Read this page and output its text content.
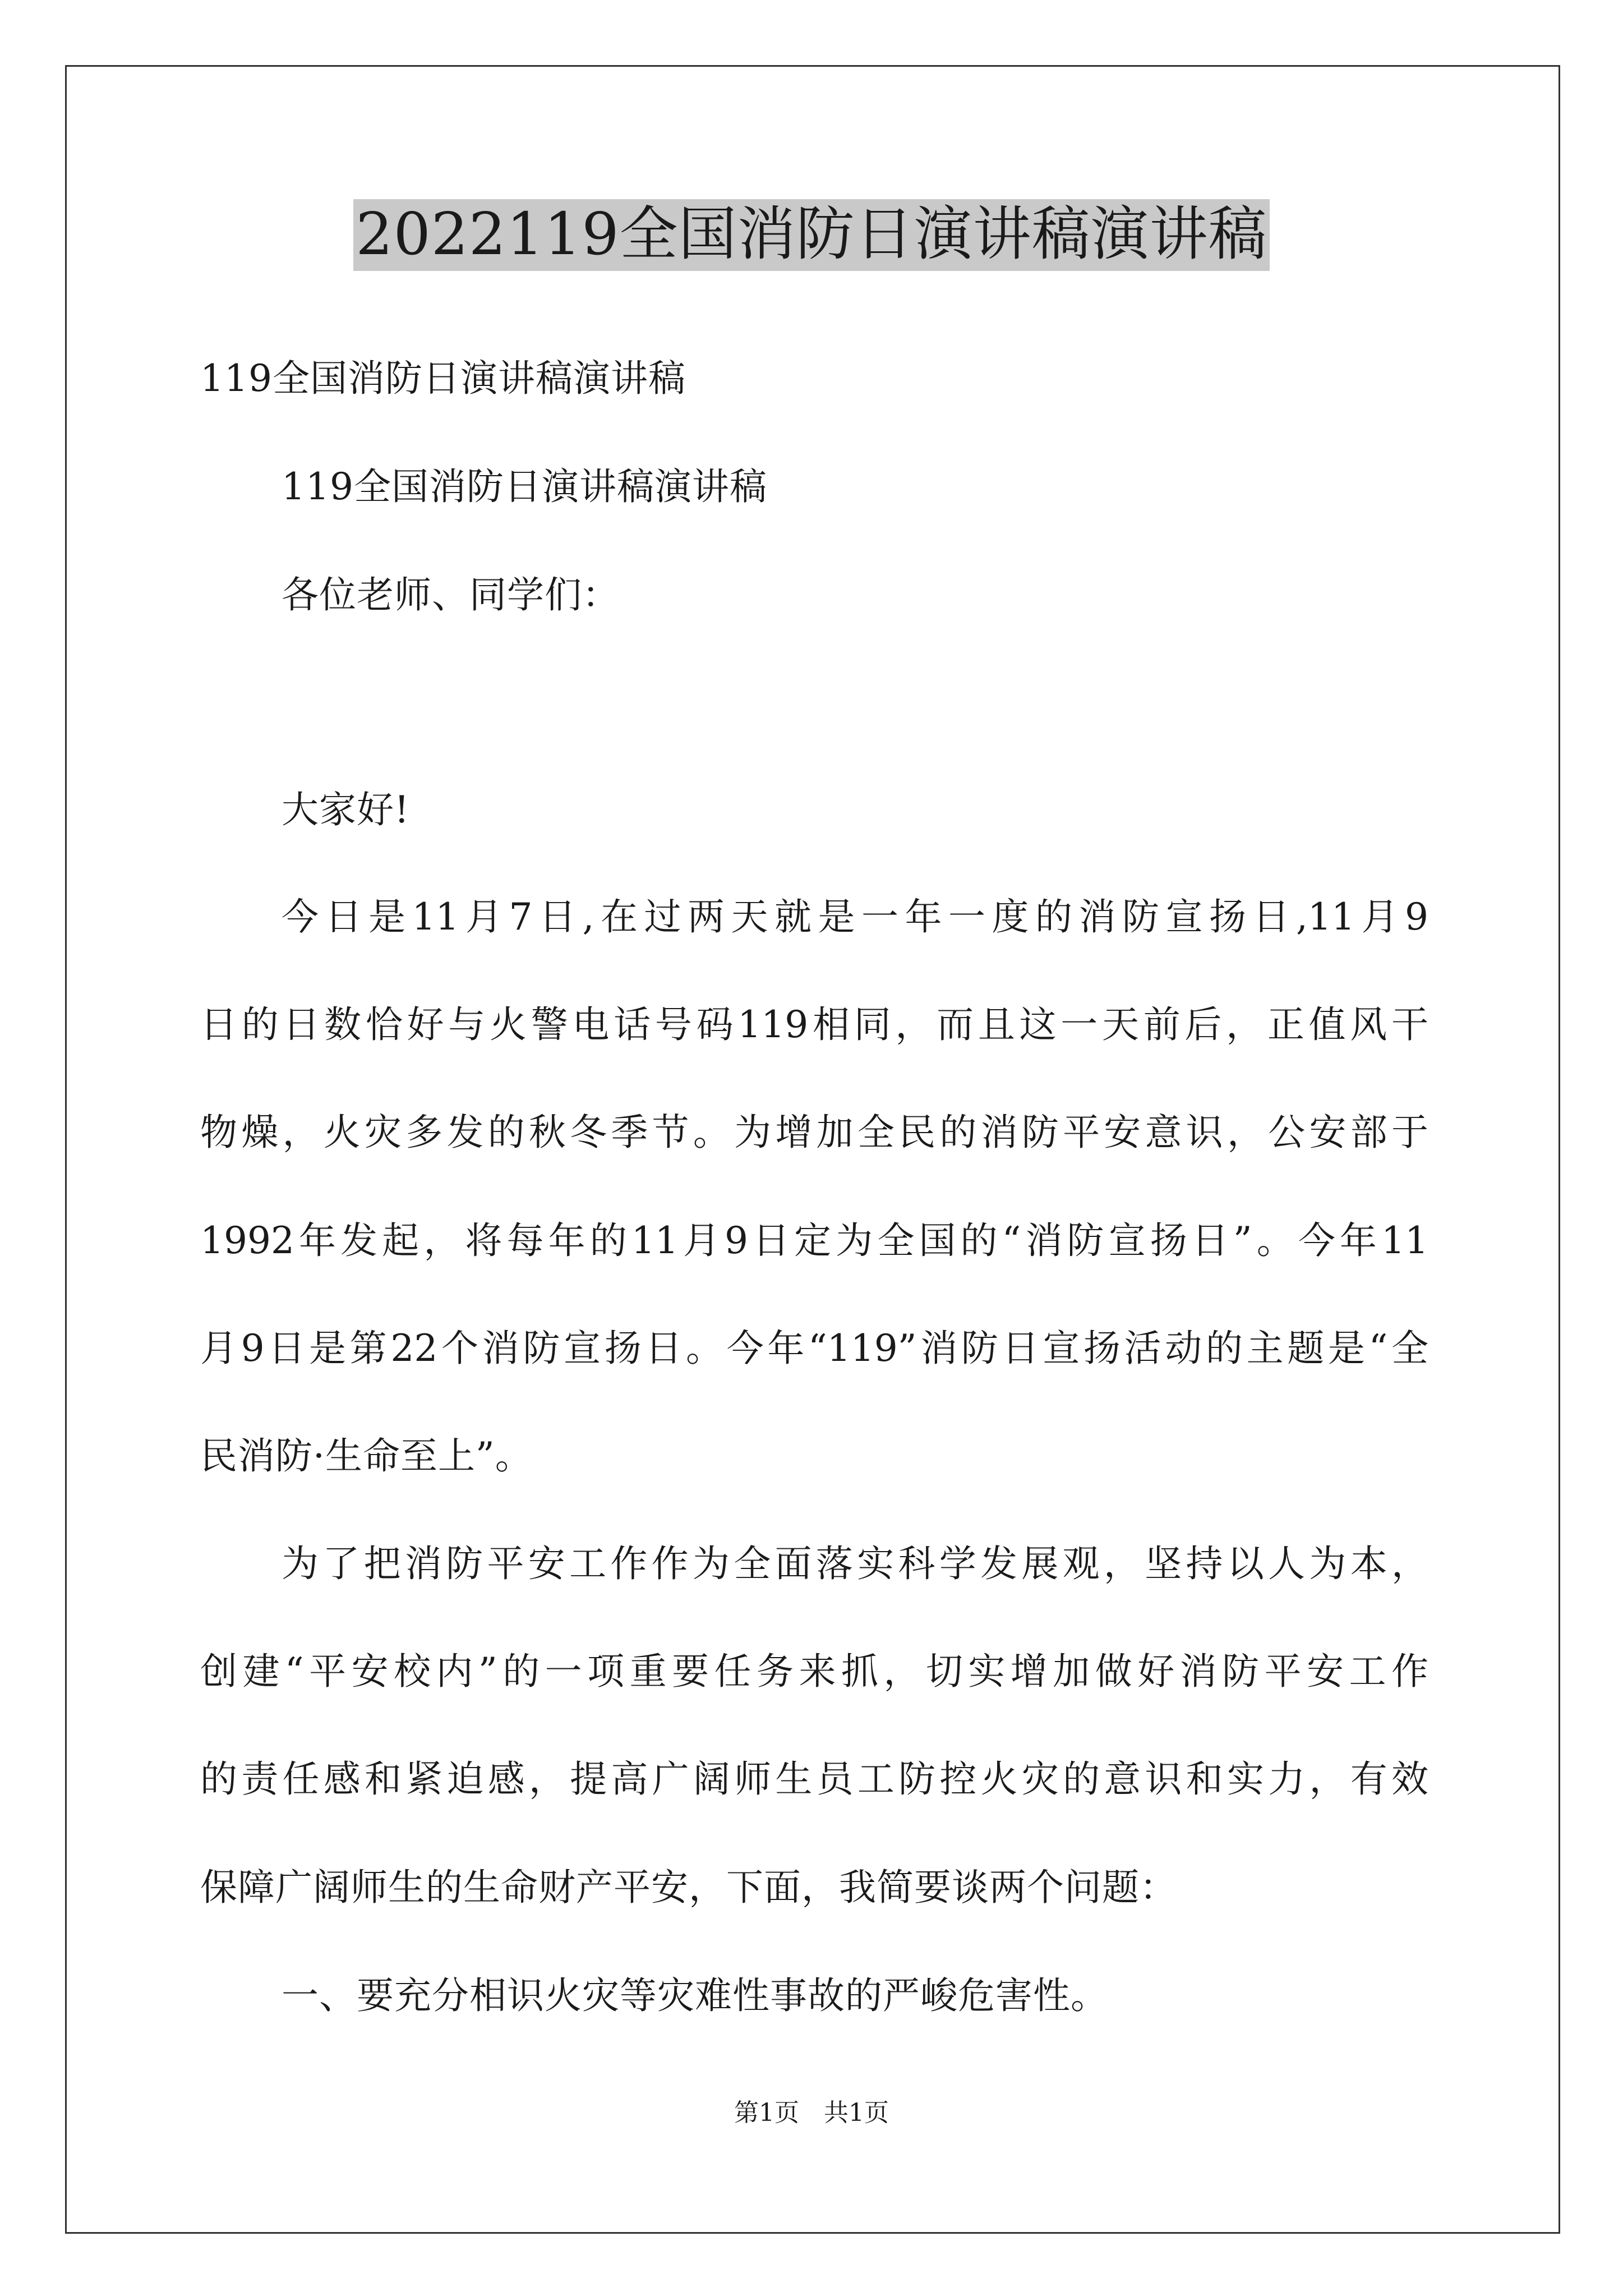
2022119全国消防日演讲稿演讲稿
119全国消防日演讲稿演讲稿
119全国消防日演讲稿演讲稿
各位老师、同学们：
大家好!
今日是11月7日,在过两天就是一年一度的消防宣扬日,11月9
日的日数恰好与火警电话号码119相同，而且这一天前后，正值风干
物燥，火灾多发的秋冬季节。为增加全民的消防平安意识，公安部于
1992年发起，将每年的11月9日定为全国的“消防宣扬日”。今年11
月9日是第22个消防宣扬日。今年“119”消防日宣扬活动的主题是“全
民消防·生命至上”。
为了把消防平安工作作为全面落实科学发展观，坚持以人为本，
创建“平安校内”的一项重要任务来抓，切实增加做好消防平安工作
的责任感和紧迫感，提高广阔师生员工防控火灾的意识和实力，有效
保障广阔师生的生命财产平安，下面，我简要谈两个问题：
一、要充分相识火灾等灾难性事故的严峻危害性。
第1页　共1页
